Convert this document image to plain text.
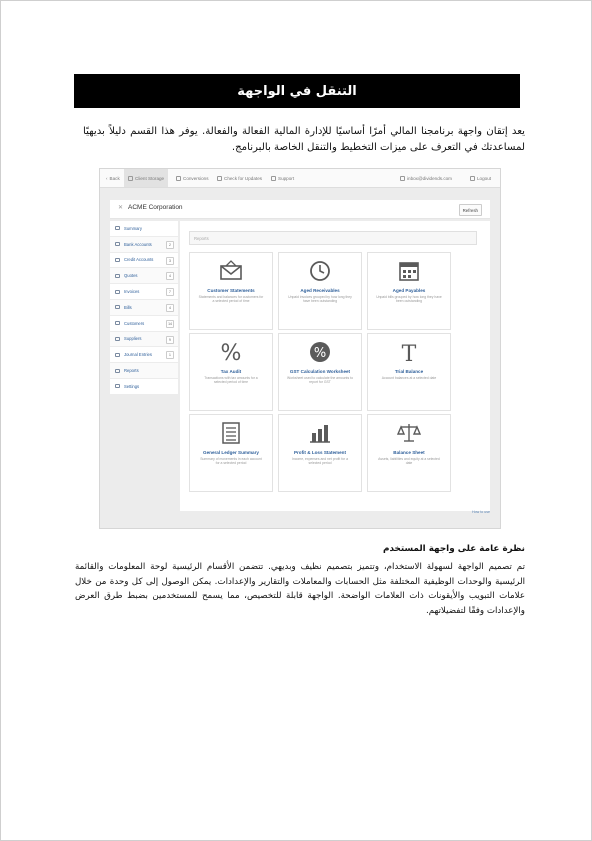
التنقل في الواجهة

يعد إتقان واجهة برنامجنا المالي أمرًا أساسيًا للإدارة المالية الفعالة والفعالة. يوفر هذا القسم دليلاً بديهيًا لمساعدتك في التعرف على ميزات التخطيط والتنقل الخاصة بالبرنامج.

‹ Back	Client Storage	Conversions	Check for Updates	Support	inbox@dividends.com	Logout
✕ ACME Corporation	Refresh
Summary
Bank Accounts	2
Credit Accounts	3
Quotes	4
Invoices	7
Bills	4
Customers	14
Suppliers	9
Journal Entries	1
Reports
Settings
Reports
Customer Statements
Statements and balances for customers for a selected period of time
Aged Receivables
Unpaid invoices grouped by how long they have been outstanding
Aged Payables
Unpaid bills grouped by how long they have been outstanding
%
Tax Audit
Transactions with tax amounts for a selected period of time
%
GST Calculation Worksheet
Worksheet used to calculate the amounts to report for GST
T
Trial Balance
Account balances at a selected date
General Ledger Summary
Summary of movements in each account for a selected period
Profit & Loss Statement
Income, expenses and net profit for a selected period
Balance Sheet
Assets, liabilities and equity at a selected date
How to use
نظرة عامة على واجهة المستخدم

تم تصميم الواجهة لسهولة الاستخدام، وتتميز بتصميم نظيف وبديهي. تتضمن الأقسام الرئيسية لوحة المعلومات والقائمة الرئيسية والوحدات الوظيفية المختلفة مثل الحسابات والمعاملات والتقارير والإعدادات. يمكن الوصول إلى كل وحدة من خلال علامات التبويب والأيقونات ذات العلامات الواضحة. الواجهة قابلة للتخصيص، مما يسمح للمستخدمين بضبط طرق العرض والإعدادات وفقًا لتفضيلاتهم.
